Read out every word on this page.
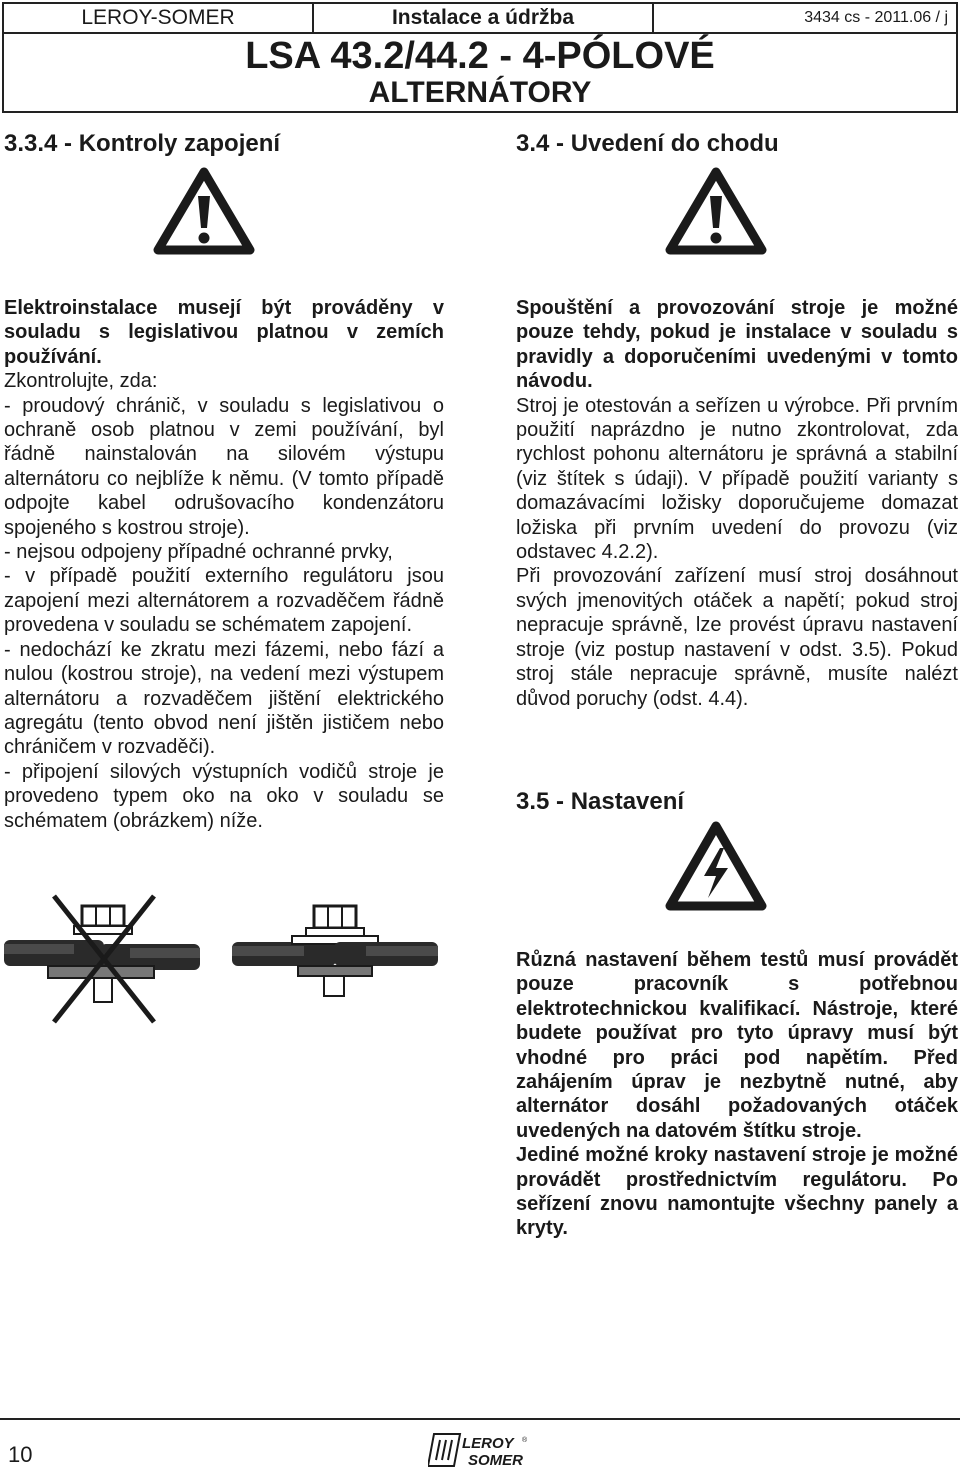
LEROY-SOMER	Instalace a údržba	3434 cs - 2011.06 / j
LSA 43.2/44.2 - 4-PÓLOVÉ
ALTERNÁTORY
3.3.4 - Kontroly zapojení

Elektroinstalace musejí být prováděny v souladu s legislativou platnou v zemích používání.

Zkontrolujte, zda:

- proudový chránič, v souladu s legislativou o ochraně osob platnou v zemi používání, byl řádně nainstalován na silovém výstupu alternátoru co nejblíže k němu. (V tomto případě odpojte kabel odrušovacího kondenzátoru spojeného s kostrou stroje).

- nejsou odpojeny případné ochranné prvky,

- v případě použití externího regulátoru jsou zapojení mezi alternátorem a rozvaděčem řádně provedena v souladu se schématem zapojení.

- nedochází ke zkratu mezi fázemi, nebo fází a nulou (kostrou stroje), na vedení mezi výstupem alternátoru a rozvaděčem jištění elektrického agregátu (tento obvod není jištěn jističem nebo chráničem v rozvaděči).

- připojení silových výstupních vodičů stroje je provedeno typem oko na oko v souladu se schématem (obrázkem) níže.

3.4 - Uvedení do chodu

Spouštění a provozování stroje je možné pouze tehdy, pokud je instalace v souladu s pravidly a doporučeními uvedenými v tomto návodu.

Stroj je otestován a seřízen u výrobce. Při prvním použití naprázdno je nutno zkontrolovat, zda rychlost pohonu alternátoru je správná a stabilní (viz štítek s údaji). V případě použití varianty s domazávacími ložisky doporučujeme domazat ložiska při prvním uvedení do provozu (viz odstavec 4.2.2).

Při provozování zařízení musí stroj dosáhnout svých jmenovitých otáček a napětí; pokud stroj nepracuje správně, lze provést úpravu nastavení stroje (viz postup nastavení v odst. 3.5). Pokud stroj stále nepracuje správně, musíte nalézt důvod poruchy (odst. 4.4).

3.5 - Nastavení

Různá nastavení během testů musí provádět pouze pracovník s potřebnou elektrotechnickou kvalifikací. Nástroje, které budete používat pro tyto úpravy musí být vhodné pro práci pod napětím. Před zahájením úprav je nezbytně nutné, aby alternátor dosáhl požadovaných otáček uvedených na datovém štítku stroje.

Jediné možné kroky nastavení stroje je možné provádět prostřednictvím regulátoru. Po seřízení znovu namontujte všechny panely a kryty.

10	LEROY
SOMER
®
